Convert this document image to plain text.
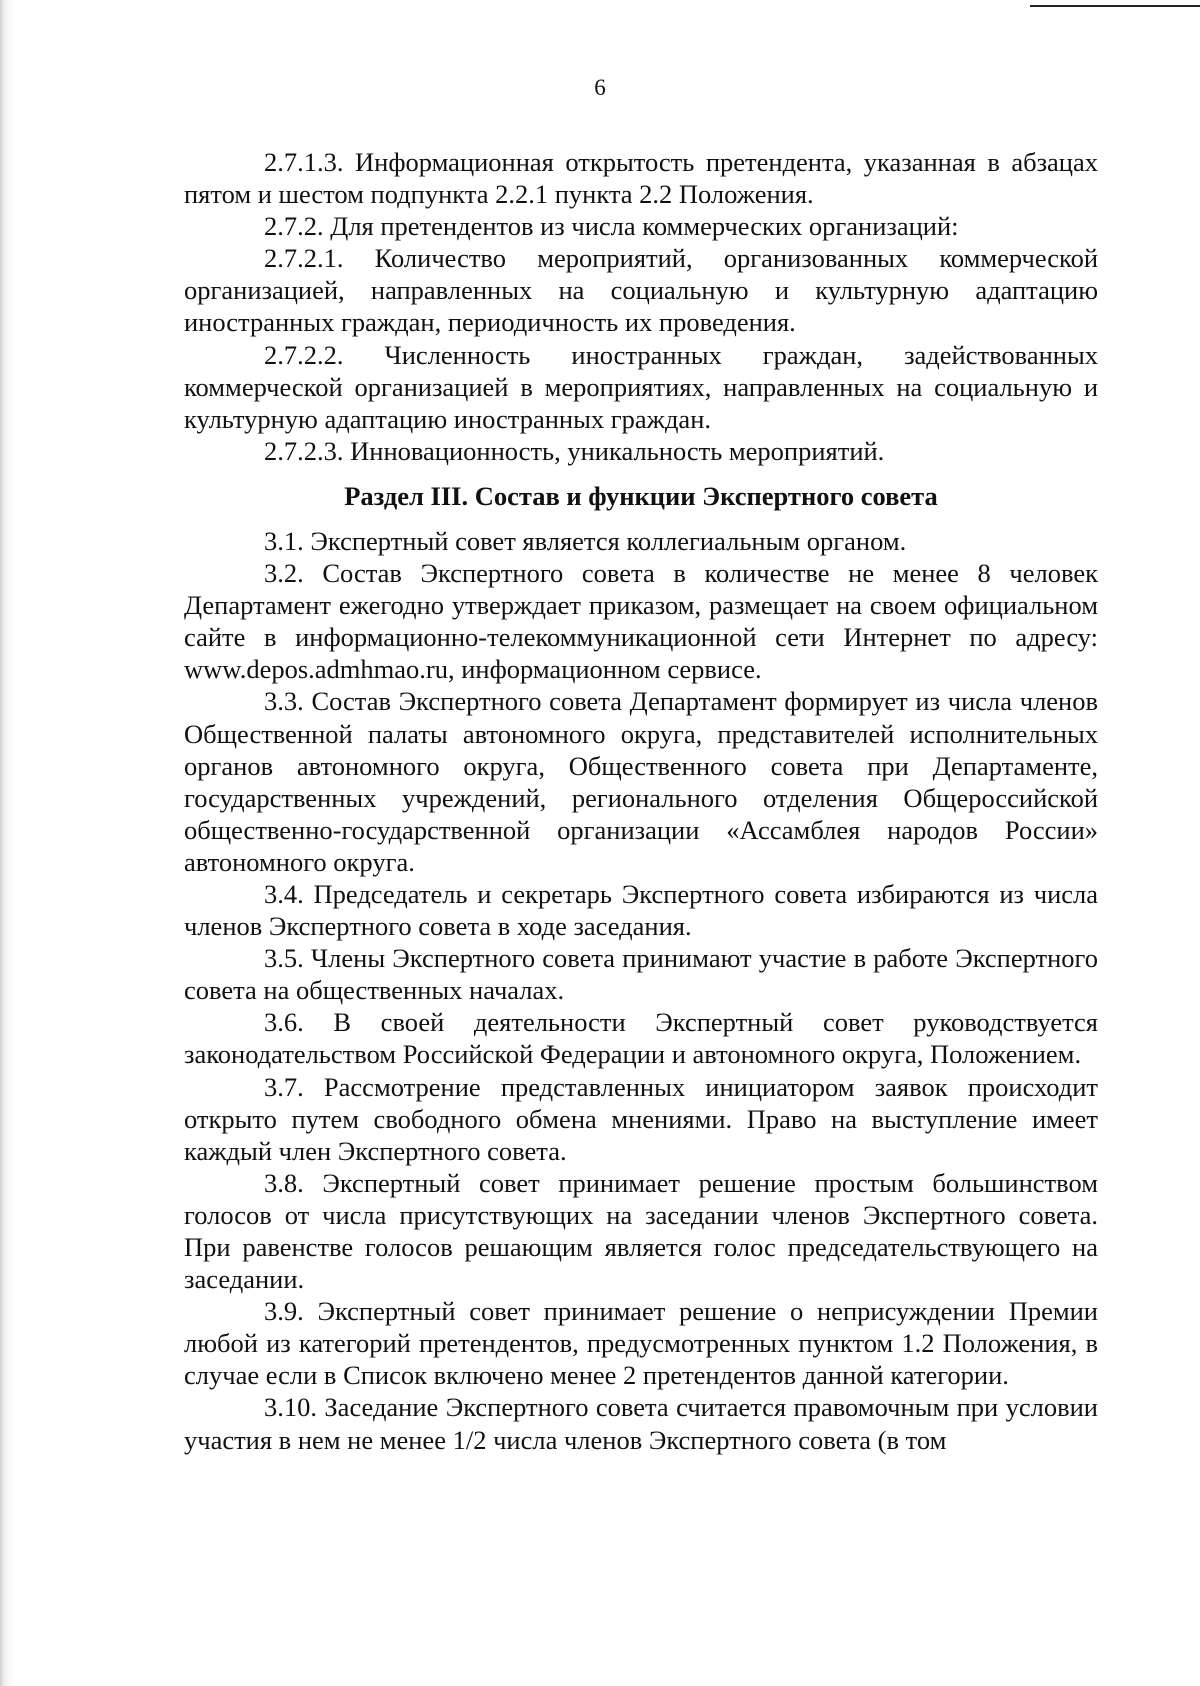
6

2.7.1.3. Информационная открытость претендента, указанная в абзацах пятом и шестом подпункта 2.2.1 пункта 2.2 Положения.

2.7.2. Для претендентов из числа коммерческих организаций:

2.7.2.1. Количество мероприятий, организованных коммерческой организацией, направленных на социальную и культурную адаптацию иностранных граждан, периодичность их проведения.

2.7.2.2. Численность иностранных граждан, задействованных коммерческой организацией в мероприятиях, направленных на социальную и культурную адаптацию иностранных граждан.

2.7.2.3. Инновационность, уникальность мероприятий.

Раздел III. Состав и функции Экспертного совета

3.1. Экспертный совет является коллегиальным органом.

3.2. Состав Экспертного совета в количестве не менее 8 человек Департамент ежегодно утверждает приказом, размещает на своем официальном сайте в информационно-телекоммуникационной сети Интернет по адресу: www.depos.admhmao.ru, информационном сервисе.

3.3. Состав Экспертного совета Департамент формирует из числа членов Общественной палаты автономного округа, представителей исполнительных органов автономного округа, Общественного совета при Департаменте, государственных учреждений, регионального отделения Общероссийской общественно-государственной организации «Ассамблея народов России» автономного округа.

3.4. Председатель и секретарь Экспертного совета избираются из числа членов Экспертного совета в ходе заседания.

3.5. Члены Экспертного совета принимают участие в работе Экспертного совета на общественных началах.

3.6. В своей деятельности Экспертный совет руководствуется законодательством Российской Федерации и автономного округа, Положением.

3.7. Рассмотрение представленных инициатором заявок происходит открыто путем свободного обмена мнениями. Право на выступление имеет каждый член Экспертного совета.

3.8. Экспертный совет принимает решение простым большинством голосов от числа присутствующих на заседании членов Экспертного совета. При равенстве голосов решающим является голос председательствующего на заседании.

3.9. Экспертный совет принимает решение о неприсуждении Премии любой из категорий претендентов, предусмотренных пунктом 1.2 Положения, в случае если в Список включено менее 2 претендентов данной категории.

3.10. Заседание Экспертного совета считается правомочным при условии участия в нем не менее 1/2 числа членов Экспертного совета (в том
